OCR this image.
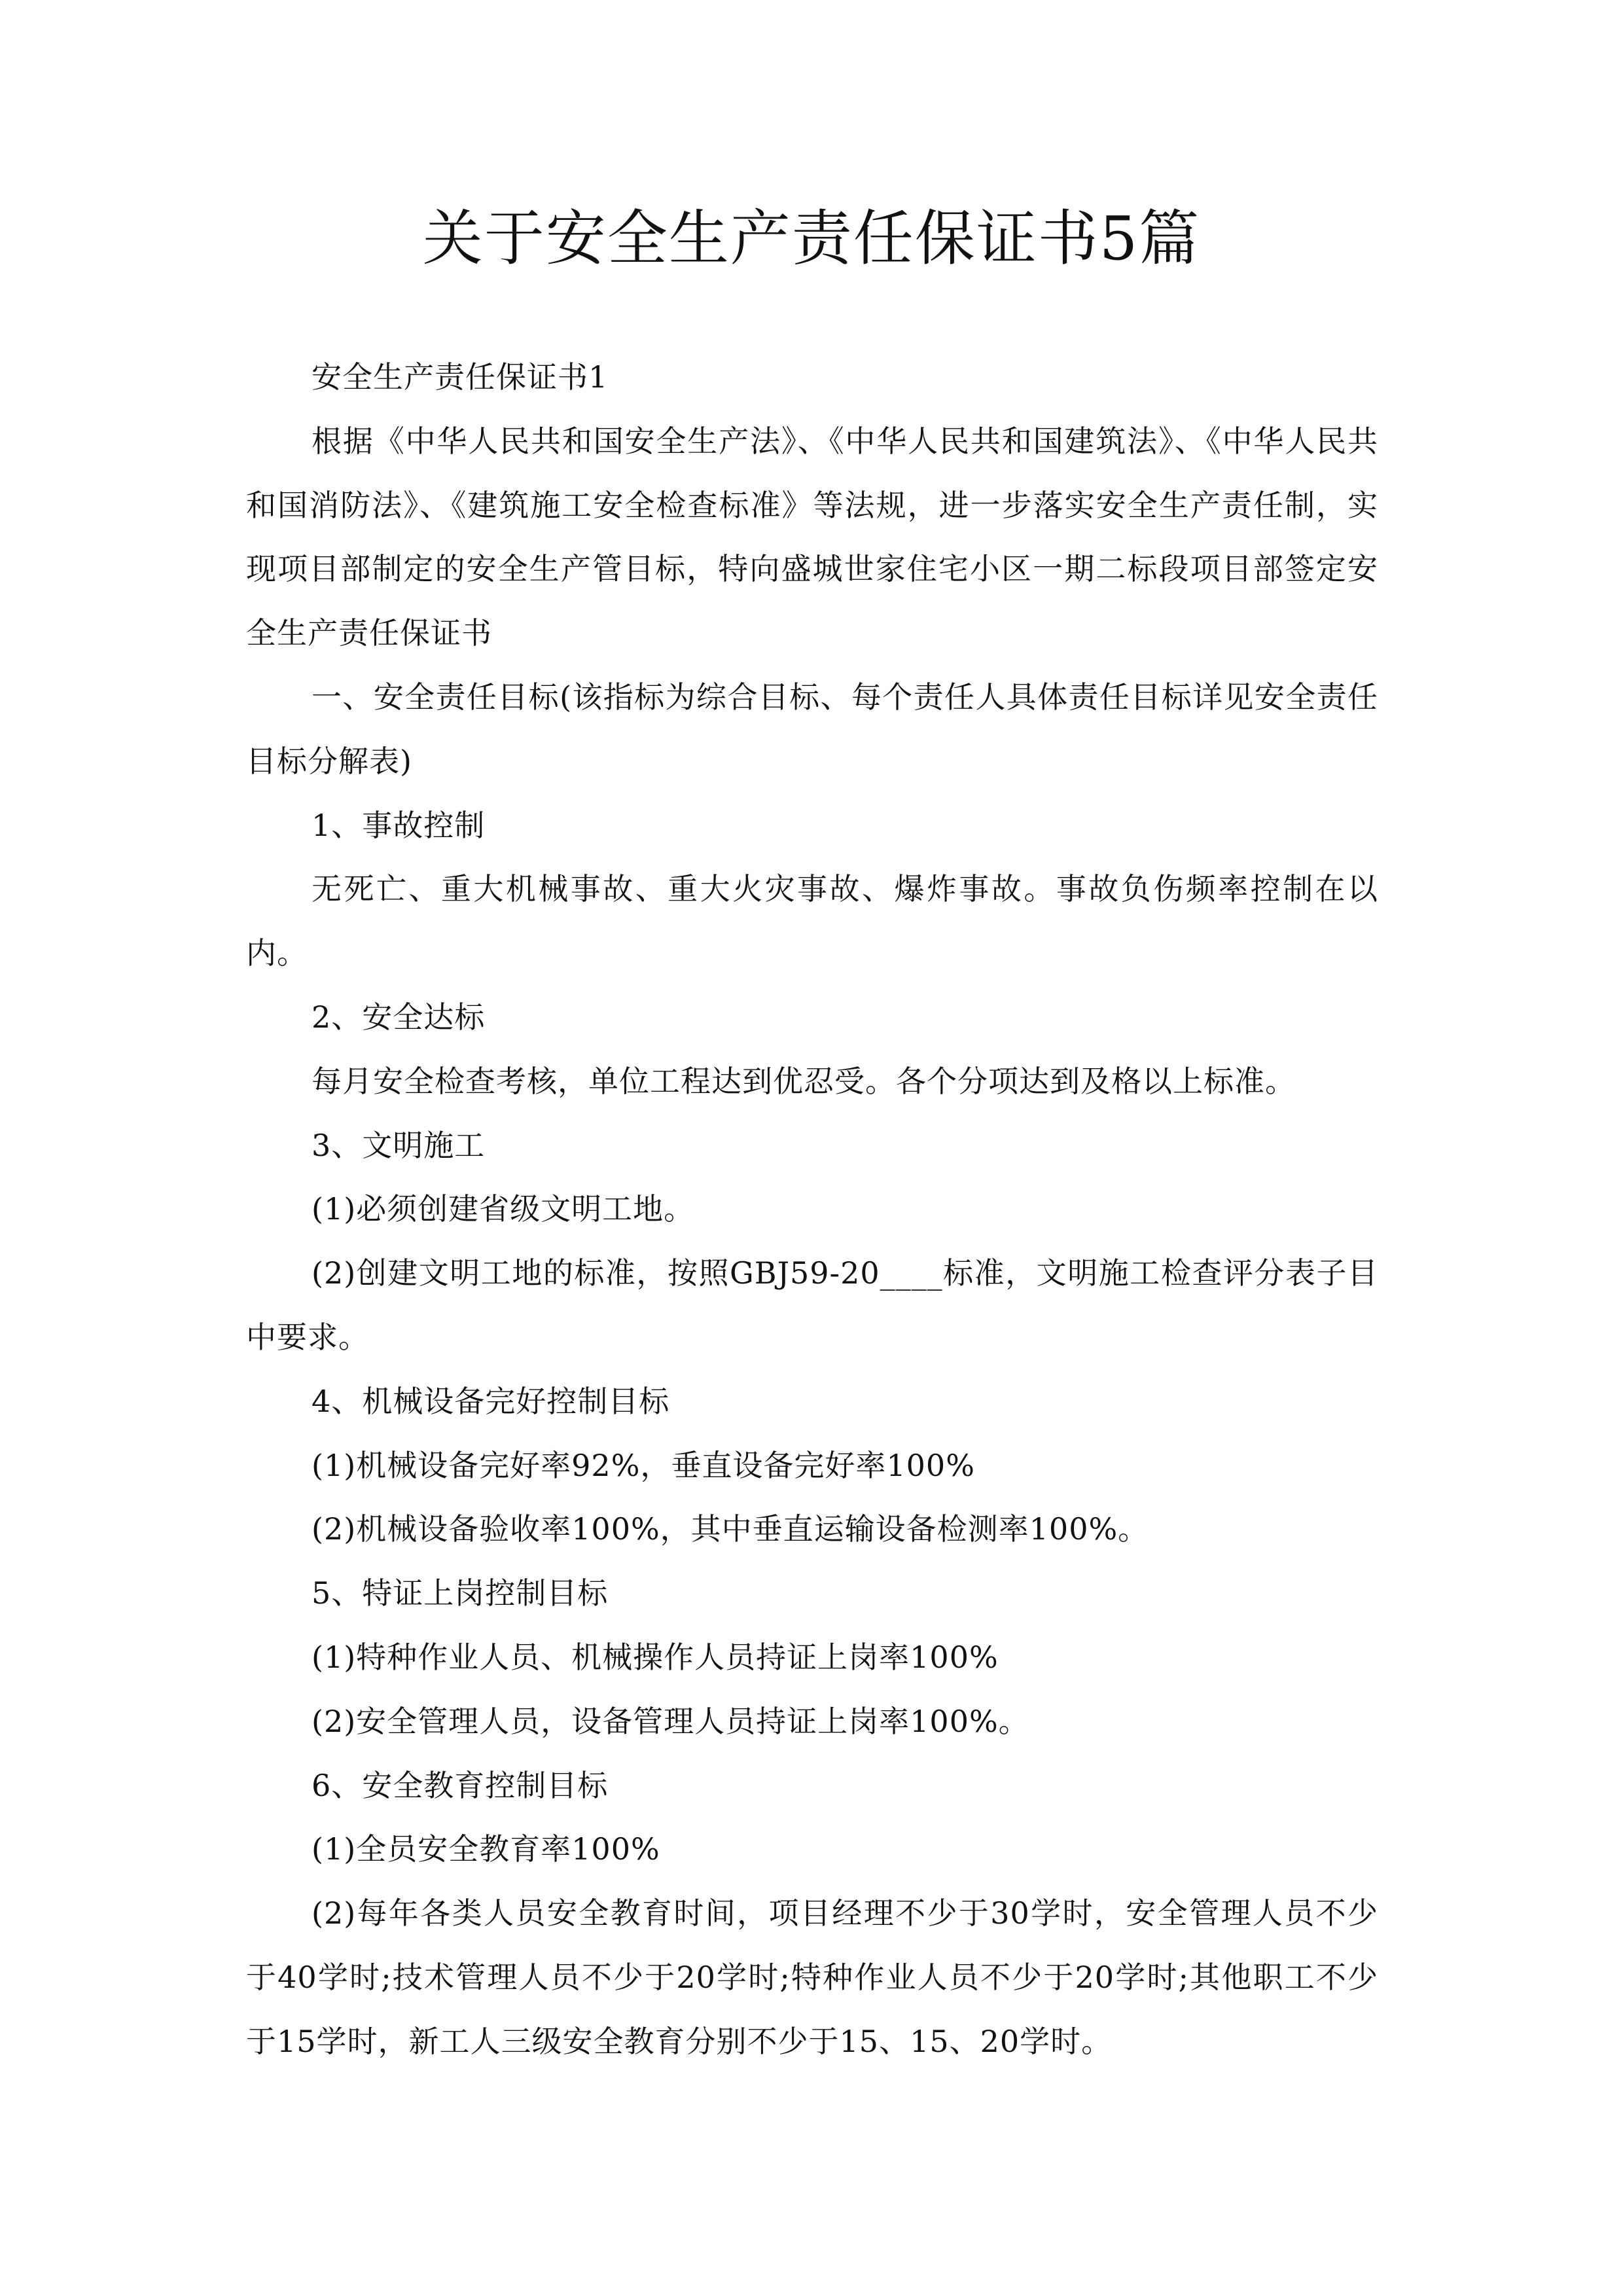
关于安全生产责任保证书5篇

安全生产责任保证书1

根据《中华人民共和国安全生产法》、《中华人民共和国建筑法》、《中华人民共和国消防法》、《建筑施工安全检查标准》等法规，进一步落实安全生产责任制，实现项目部制定的安全生产管目标，特向盛城世家住宅小区一期二标段项目部签定安全生产责任保证书

一、安全责任目标(该指标为综合目标、每个责任人具体责任目标详见安全责任目标分解表)

1、事故控制

无死亡、重大机械事故、重大火灾事故、爆炸事故。事故负伤频率控制在以内。

2、安全达标

每月安全检查考核，单位工程达到优忍受。各个分项达到及格以上标准。

3、文明施工

(1)必须创建省级文明工地。

(2)创建文明工地的标准，按照GBJ59-20____标准，文明施工检查评分表子目中要求。

4、机械设备完好控制目标

(1)机械设备完好率92%，垂直设备完好率100%

(2)机械设备验收率100%，其中垂直运输设备检测率100%。

5、特证上岗控制目标

(1)特种作业人员、机械操作人员持证上岗率100%

(2)安全管理人员，设备管理人员持证上岗率100%。

6、安全教育控制目标

(1)全员安全教育率100%

(2)每年各类人员安全教育时间，项目经理不少于30学时，安全管理人员不少于40学时;技术管理人员不少于20学时;特种作业人员不少于20学时;其他职工不少于15学时，新工人三级安全教育分别不少于15、15、20学时。
